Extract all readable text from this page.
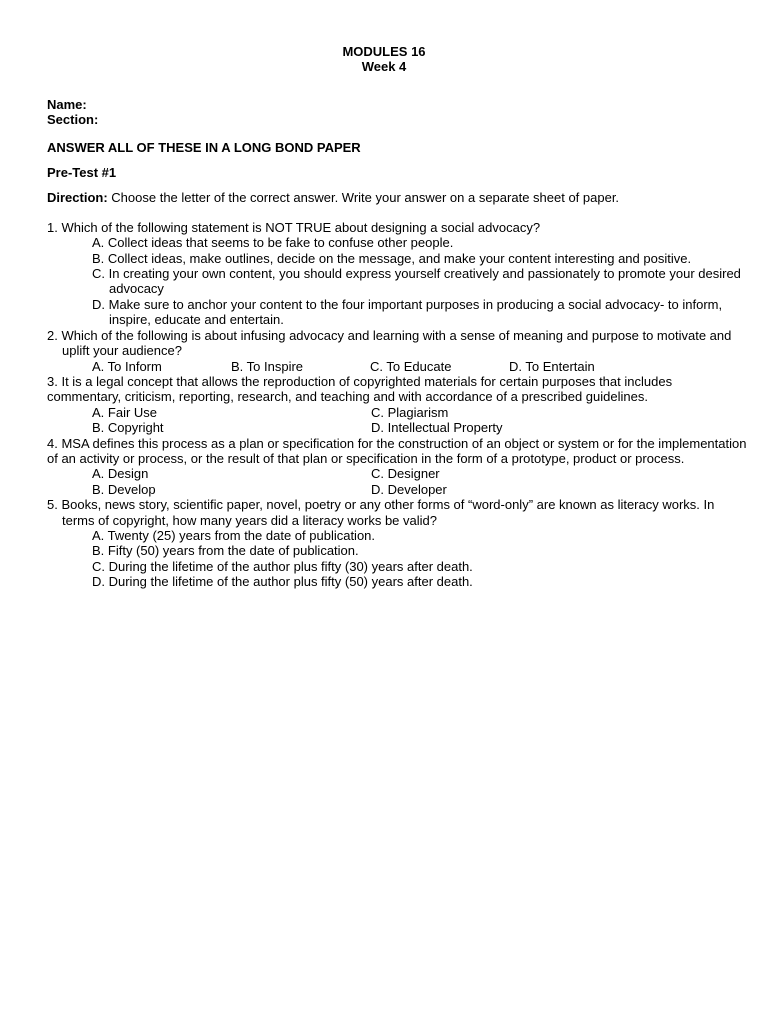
MODULES 16
Week 4
Name:
Section:
ANSWER ALL OF THESE IN A LONG BOND PAPER
Pre-Test #1
Direction: Choose the letter of the correct answer. Write your answer on a separate sheet of paper.
1. Which of the following statement is NOT TRUE about designing a social advocacy?
A. Collect ideas that seems to be fake to confuse other people.
B. Collect ideas, make outlines, decide on the message, and make your content interesting and positive.
C. In creating your own content, you should express yourself creatively and passionately to promote your desired advocacy
D. Make sure to anchor your content to the four important purposes in producing a social advocacy- to inform, inspire, educate and entertain.
2. Which of the following is about infusing advocacy and learning with a sense of meaning and purpose to motivate and uplift your audience?
A. To Inform	B. To Inspire	C. To Educate	D. To Entertain
3. It is a legal concept that allows the reproduction of copyrighted materials for certain purposes that includes commentary, criticism, reporting, research, and teaching and with accordance of a prescribed guidelines.
A. Fair Use	C. Plagiarism
B. Copyright	D. Intellectual Property
4. MSA defines this process as a plan or specification for the construction of an object or system or for the implementation of an activity or process, or the result of that plan or specification in the form of a prototype, product or process.
A. Design	C. Designer
B. Develop	D. Developer
5. Books, news story, scientific paper, novel, poetry or any other forms of “word-only” are known as literacy works. In terms of copyright, how many years did a literacy works be valid?
A. Twenty (25) years from the date of publication.
B. Fifty (50) years from the date of publication.
C. During the lifetime of the author plus fifty (30) years after death.
D. During the lifetime of the author plus fifty (50) years after death.
